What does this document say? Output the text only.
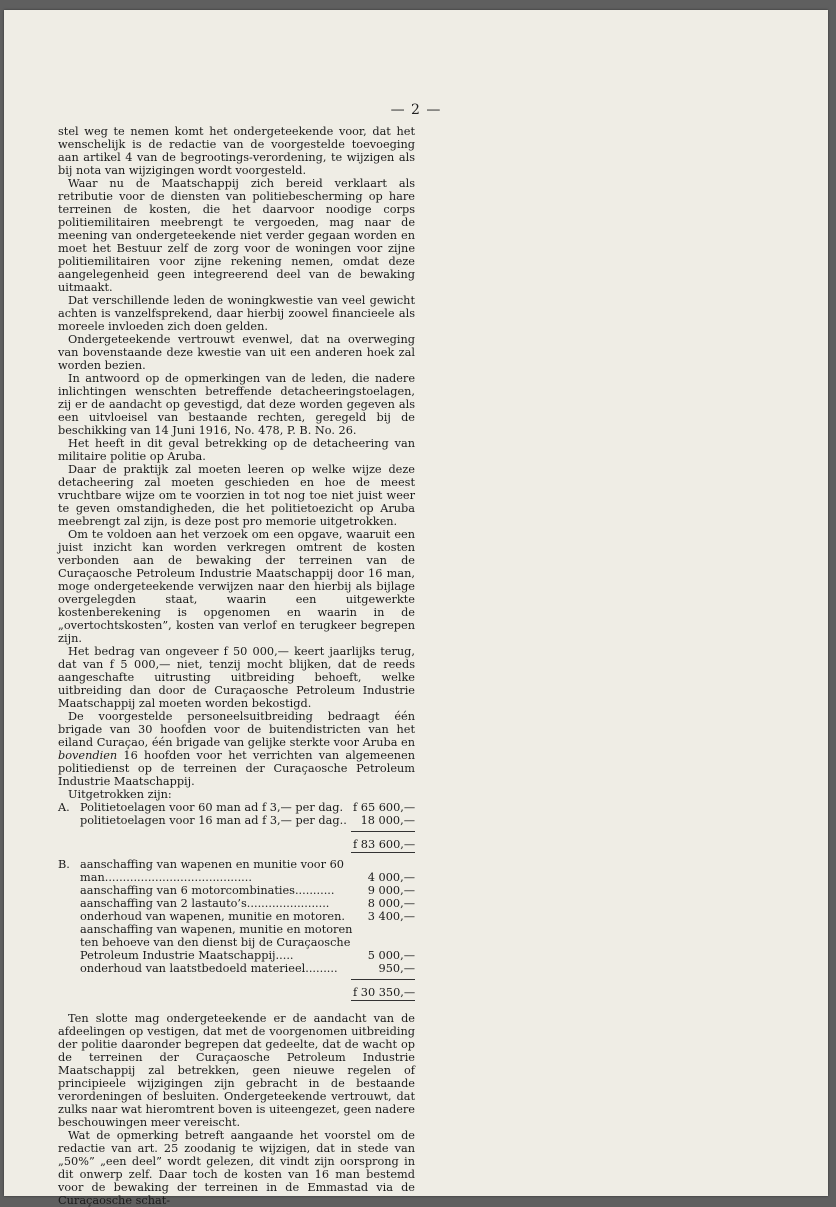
— 2 —

stel weg te nemen komt het ondergeteekende voor, dat het wenschelijk is de redactie van de voorgestelde toevoeging aan artikel 4 van de begrootings-verordening, te wijzigen als bij nota van wijzigingen wordt voorgesteld.

Waar nu de Maatschappij zich bereid verklaart als retributie voor de diensten van politiebescherming op hare terreinen de kosten, die het daarvoor noodige corps politiemilitairen meebrengt te vergoeden, mag naar de meening van ondergeteekende niet verder gegaan worden en moet het Bestuur zelf de zorg voor de woningen voor zijne politiemilitairen voor zijne rekening nemen, omdat deze aangelegenheid geen integreerend deel van de bewaking uitmaakt.

Dat verschillende leden de woningkwestie van veel gewicht achten is vanzelfsprekend, daar hierbij zoowel financieele als moreele invloeden zich doen gelden.

Ondergeteekende vertrouwt evenwel, dat na overweging van bovenstaande deze kwestie van uit een anderen hoek zal worden bezien.

In antwoord op de opmerkingen van de leden, die nadere inlichtingen wenschten betreffende detacheeringstoelagen, zij er de aandacht op gevestigd, dat deze worden gegeven als een uitvloeisel van bestaande rechten, geregeld bij de beschikking van 14 Juni 1916, No. 478, P. B. No. 26.

Het heeft in dit geval betrekking op de detacheering van militaire politie op Aruba.

Daar de praktijk zal moeten leeren op welke wijze deze detacheering zal moeten geschieden en hoe de meest vruchtbare wijze om te voorzien in tot nog toe niet juist weer te geven omstandigheden, die het politietoezicht op Aruba meebrengt zal zijn, is deze post pro memorie uitgetrokken.

Om te voldoen aan het verzoek om een opgave, waaruit een juist inzicht kan worden verkregen omtrent de kosten verbonden aan de bewaking der terreinen van de Curaçaosche Petroleum Industrie Maatschappij door 16 man, moge ondergeteekende verwijzen naar den hierbij als bijlage overgelegden staat, waarin een uitgewerkte kostenberekening is opgenomen en waarin in de „overtochtskosten”, kosten van verlof en terugkeer begrepen zijn.

Het bedrag van ongeveer f 50 000,— keert jaarlijks terug, dat van f 5 000,— niet, tenzij mocht blijken, dat de reeds aangeschafte uitrusting uitbreiding behoeft, welke uitbreiding dan door de Curaçaosche Petroleum Industrie Maatschappij zal moeten worden bekostigd.

De voorgestelde personeelsuitbreiding bedraagt één brigade van 30 hoofden voor de buitendistricten van het eiland Curaçao, één brigade van gelijke sterkte voor Aruba en bovendien 16 hoofden voor het verrichten van algemeenen politiedienst op de terreinen der Curaçaosche Petroleum Industrie Maatschappij.

Uitgetrokken zijn:

A. Politietoelagen voor 60 man ad f 3,— per dag. f 65 600,—
politietoelagen voor 16 man ad f 3,— per dag..	18 000,—
f 83 600,—
B. aanschaffing van wapenen en munitie voor 60 man.........................................	4 000,—
aanschaffing van 6 motorcombinaties...........	9 000,—
aanschaffing van 2 lastauto’s.......................	8 000,—
onderhoud van wapenen, munitie en motoren.	3 400,—
aanschaffing van wapenen, munitie en motoren ten behoeve van den dienst bij de Curaçaosche Petroleum Industrie Maatschappij.....	5 000,—
onderhoud van laatstbedoeld materieel.........	950,—
f 30 350,—

Ten slotte mag ondergeteekende er de aandacht van de afdeelingen op vestigen, dat met de voorgenomen uitbreiding der politie daaronder begrepen dat gedeelte, dat de wacht op de terreinen der Curaçaosche Petroleum Industrie Maatschappij zal betrekken, geen nieuwe regelen of principieele wijzigingen zijn gebracht in de bestaande verordeningen of besluiten. Ondergeteekende vertrouwt, dat zulks naar wat hieromtrent boven is uiteengezet, geen nadere beschouwingen meer vereischt.

Wat de opmerking betreft aangaande het voorstel om de redactie van art. 25 zoodanig te wijzigen, dat in stede van „50%” „een deel” wordt gelezen, dit vindt zijn oorsprong in dit onwerp zelf. Daar toch de kosten van 16 man bestemd voor de bewaking der terreinen in de Emmastad via de Curaçaosche schat-
